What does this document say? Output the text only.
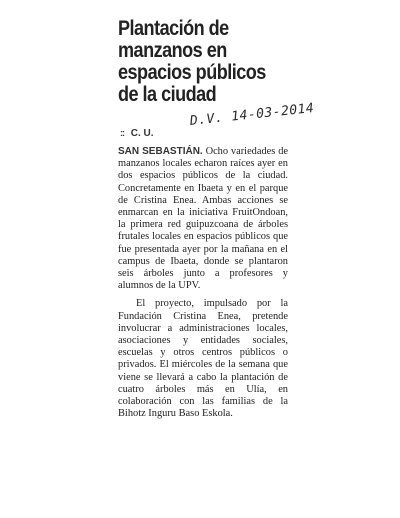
Plantación de
manzanos en
espacios públicos
de la ciudad
:: C. U.
D.V. 14-03-2014

SAN SEBASTIÁN. Ocho variedades de manzanos locales echaron raíces ayer en dos espacios públicos de la ciudad. Concretamente en Ibaeta y en el parque de Cristina Enea. Ambas acciones se enmarcan en la iniciativa FruitOndoan, la primera red guipuzcoana de árboles frutales locales en espacios públicos que fue presentada ayer por la mañana en el campus de Ibaeta, donde se plantaron seis árboles junto a profesores y alumnos de la UPV.

El proyecto, impulsado por la Fundación Cristina Enea, pretende involucrar a administraciones locales, asociaciones y entidades sociales, escuelas y otros centros públicos o privados. El miércoles de la semana que viene se llevará a cabo la plantación de cuatro árboles más en Ulía, en colaboración con las familias de la Bihotz Inguru Baso Eskola.
